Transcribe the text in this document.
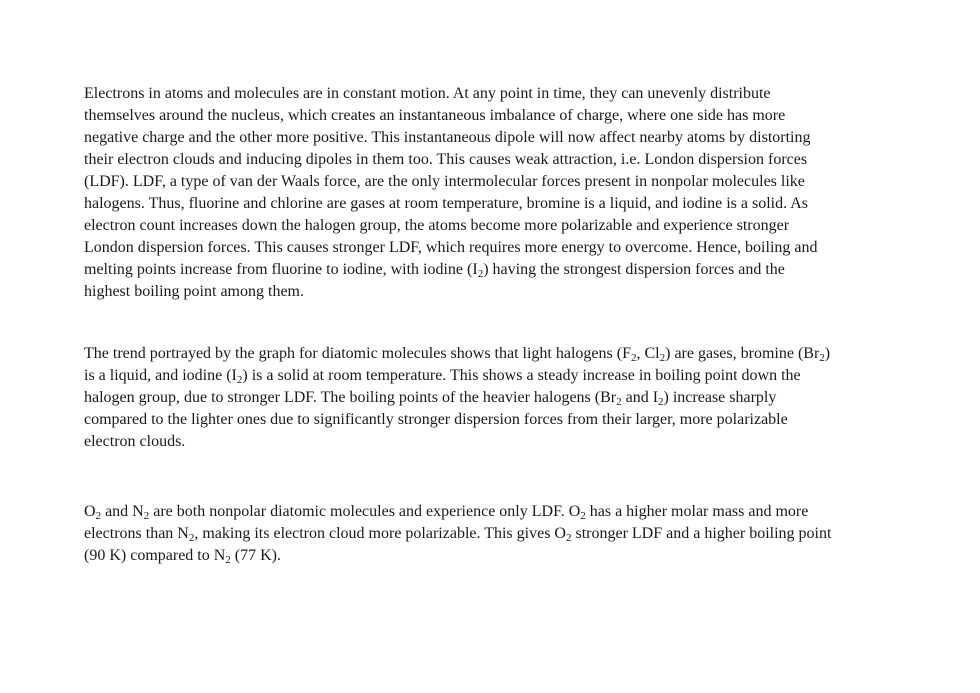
Electrons in atoms and molecules are in constant motion. At any point in time, they can unevenly distribute
themselves around the nucleus, which creates an instantaneous imbalance of charge, where one side has more
negative charge and the other more positive. This instantaneous dipole will now affect nearby atoms by distorting
their electron clouds and inducing dipoles in them too. This causes weak attraction, i.e. London dispersion forces
(LDF). LDF, a type of van der Waals force, are the only intermolecular forces present in nonpolar molecules like
halogens. Thus, fluorine and chlorine are gases at room temperature, bromine is a liquid, and iodine is a solid. As
electron count increases down the halogen group, the atoms become more polarizable and experience stronger
London dispersion forces. This causes stronger LDF, which requires more energy to overcome. Hence, boiling and
melting points increase from fluorine to iodine, with iodine $(I_2)$ having the strongest dispersion forces and the
highest boiling point among them.
The trend portrayed by the graph for diatomic molecules shows that light halogens ($F_2$, $Cl_2$) are gases, bromine $(Br_2)$
is a liquid, and iodine $(I_2)$ is a solid at room temperature. This shows a steady increase in boiling point down the
halogen group, due to stronger LDF. The boiling points of the heavier halogens ($Br_2$ and $I_2$) increase sharply
compared to the lighter ones due to significantly stronger dispersion forces from their larger, more polarizable
electron clouds.
$O_2$ and $N_2$ are both nonpolar diatomic molecules and experience only LDF. $O_2$ has a higher molar mass and more
electrons than $N_2$, making its electron cloud more polarizable. This gives $O_2$ stronger LDF and a higher boiling point
(90 K) compared to $N_2$ (77 K).
